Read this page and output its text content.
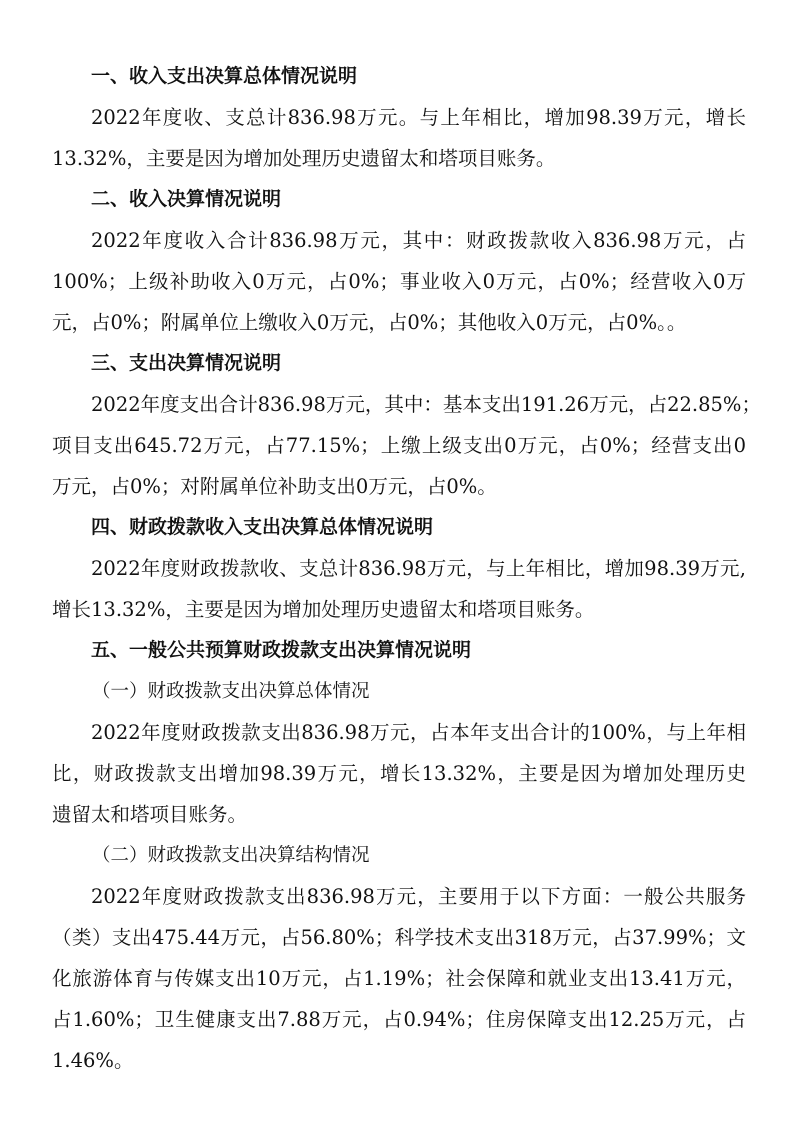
一、收入支出决算总体情况说明
2022年度收、支总计836.98万元。与上年相比，增加98.39万元，增长
13.32%，主要是因为增加处理历史遗留太和塔项目账务。
二、收入决算情况说明
2022年度收入合计836.98万元，其中：财政拨款收入836.98万元，占
100%；上级补助收入0万元，占0%；事业收入0万元，占0%；经营收入0万
元，占0%；附属单位上缴收入0万元，占0%；其他收入0万元，占0%。。
三、支出决算情况说明
2022年度支出合计836.98万元，其中：基本支出191.26万元，占22.85%；
项目支出645.72万元，占77.15%；上缴上级支出0万元，占0%；经营支出0
万元，占0%；对附属单位补助支出0万元，占0%。
四、财政拨款收入支出决算总体情况说明
2022年度财政拨款收、支总计836.98万元，与上年相比，增加98.39万元,
增长13.32%，主要是因为增加处理历史遗留太和塔项目账务。
五、一般公共预算财政拨款支出决算情况说明
（一）财政拨款支出决算总体情况
2022年度财政拨款支出836.98万元，占本年支出合计的100%，与上年相
比，财政拨款支出增加98.39万元，增长13.32%，主要是因为增加处理历史
遗留太和塔项目账务。
（二）财政拨款支出决算结构情况
2022年度财政拨款支出836.98万元，主要用于以下方面：一般公共服务
（类）支出475.44万元，占56.80%；科学技术支出318万元，占37.99%；文
化旅游体育与传媒支出10万元，占1.19%；社会保障和就业支出13.41万元，
占1.60%；卫生健康支出7.88万元，占0.94%；住房保障支出12.25万元，占
1.46%。
